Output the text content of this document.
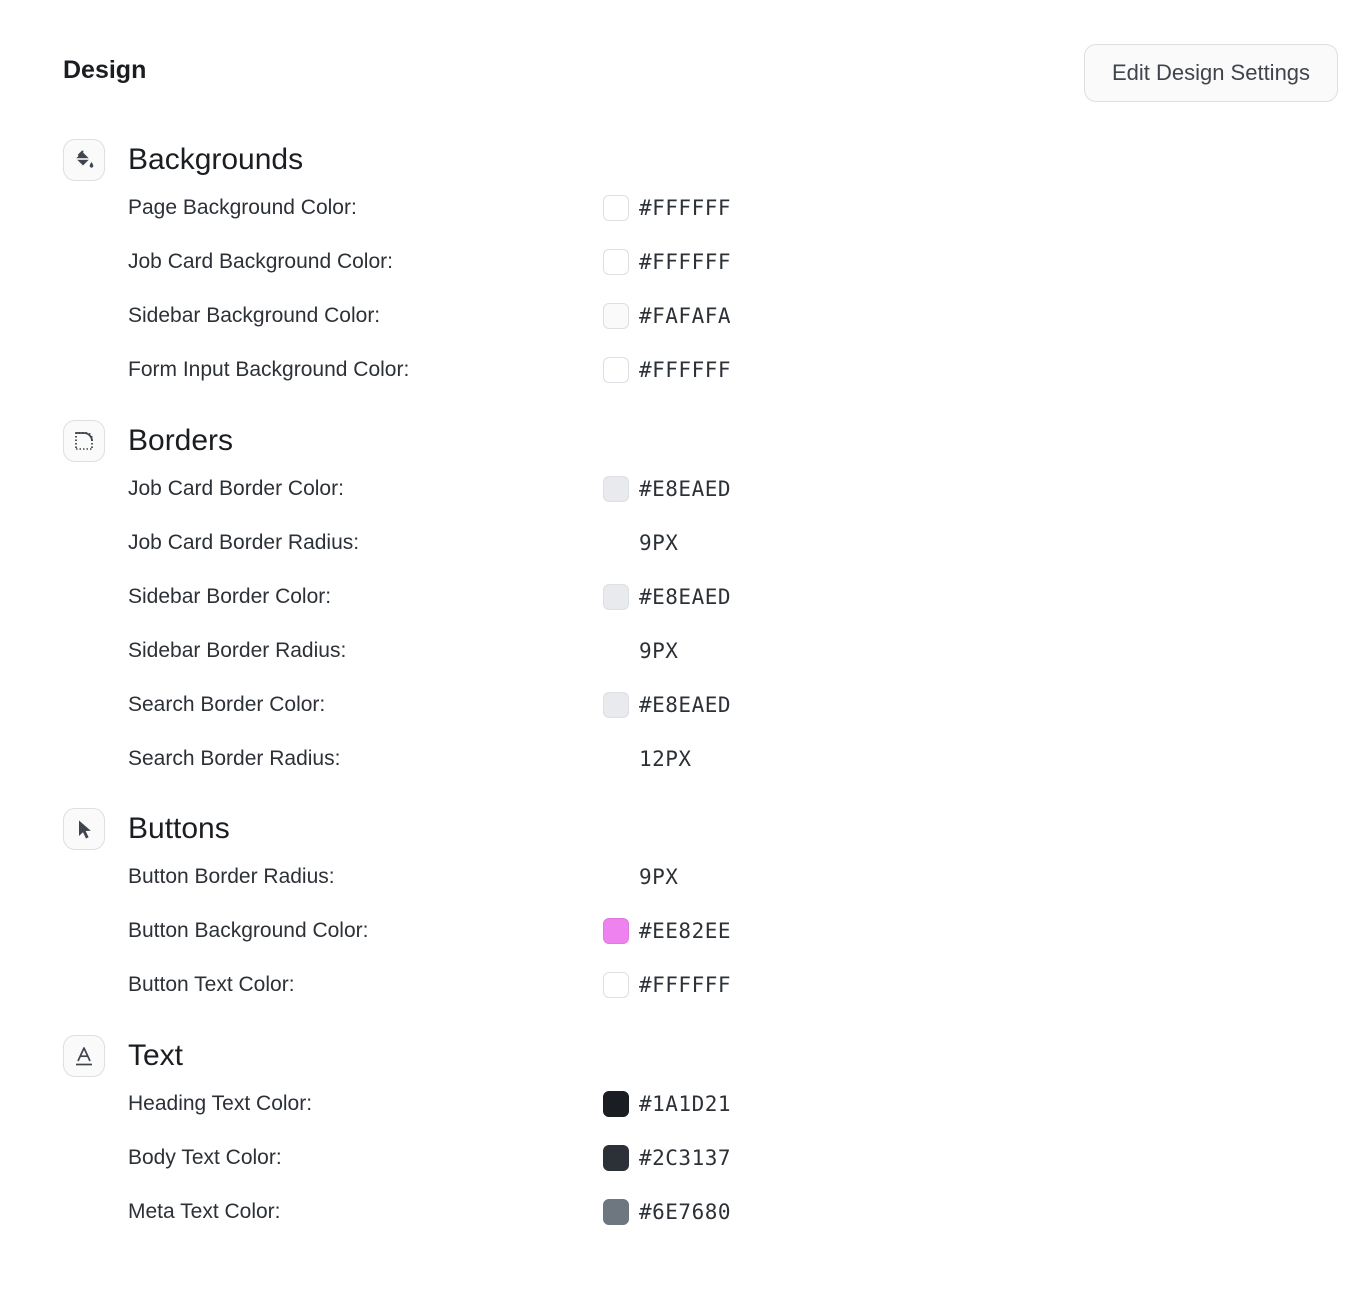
Design	Edit Design Settings
Backgrounds
Page Background Color:	#FFFFFF
Job Card Background Color:	#FFFFFF
Sidebar Background Color:	#FAFAFA
Form Input Background Color:	#FFFFFF
Borders
Job Card Border Color:	#E8EAED
Job Card Border Radius:	9PX
Sidebar Border Color:	#E8EAED
Sidebar Border Radius:	9PX
Search Border Color:	#E8EAED
Search Border Radius:	12PX
Buttons
Button Border Radius:	9PX
Button Background Color:	#EE82EE
Button Text Color:	#FFFFFF
Text
Heading Text Color:	#1A1D21
Body Text Color:	#2C3137
Meta Text Color:	#6E7680
